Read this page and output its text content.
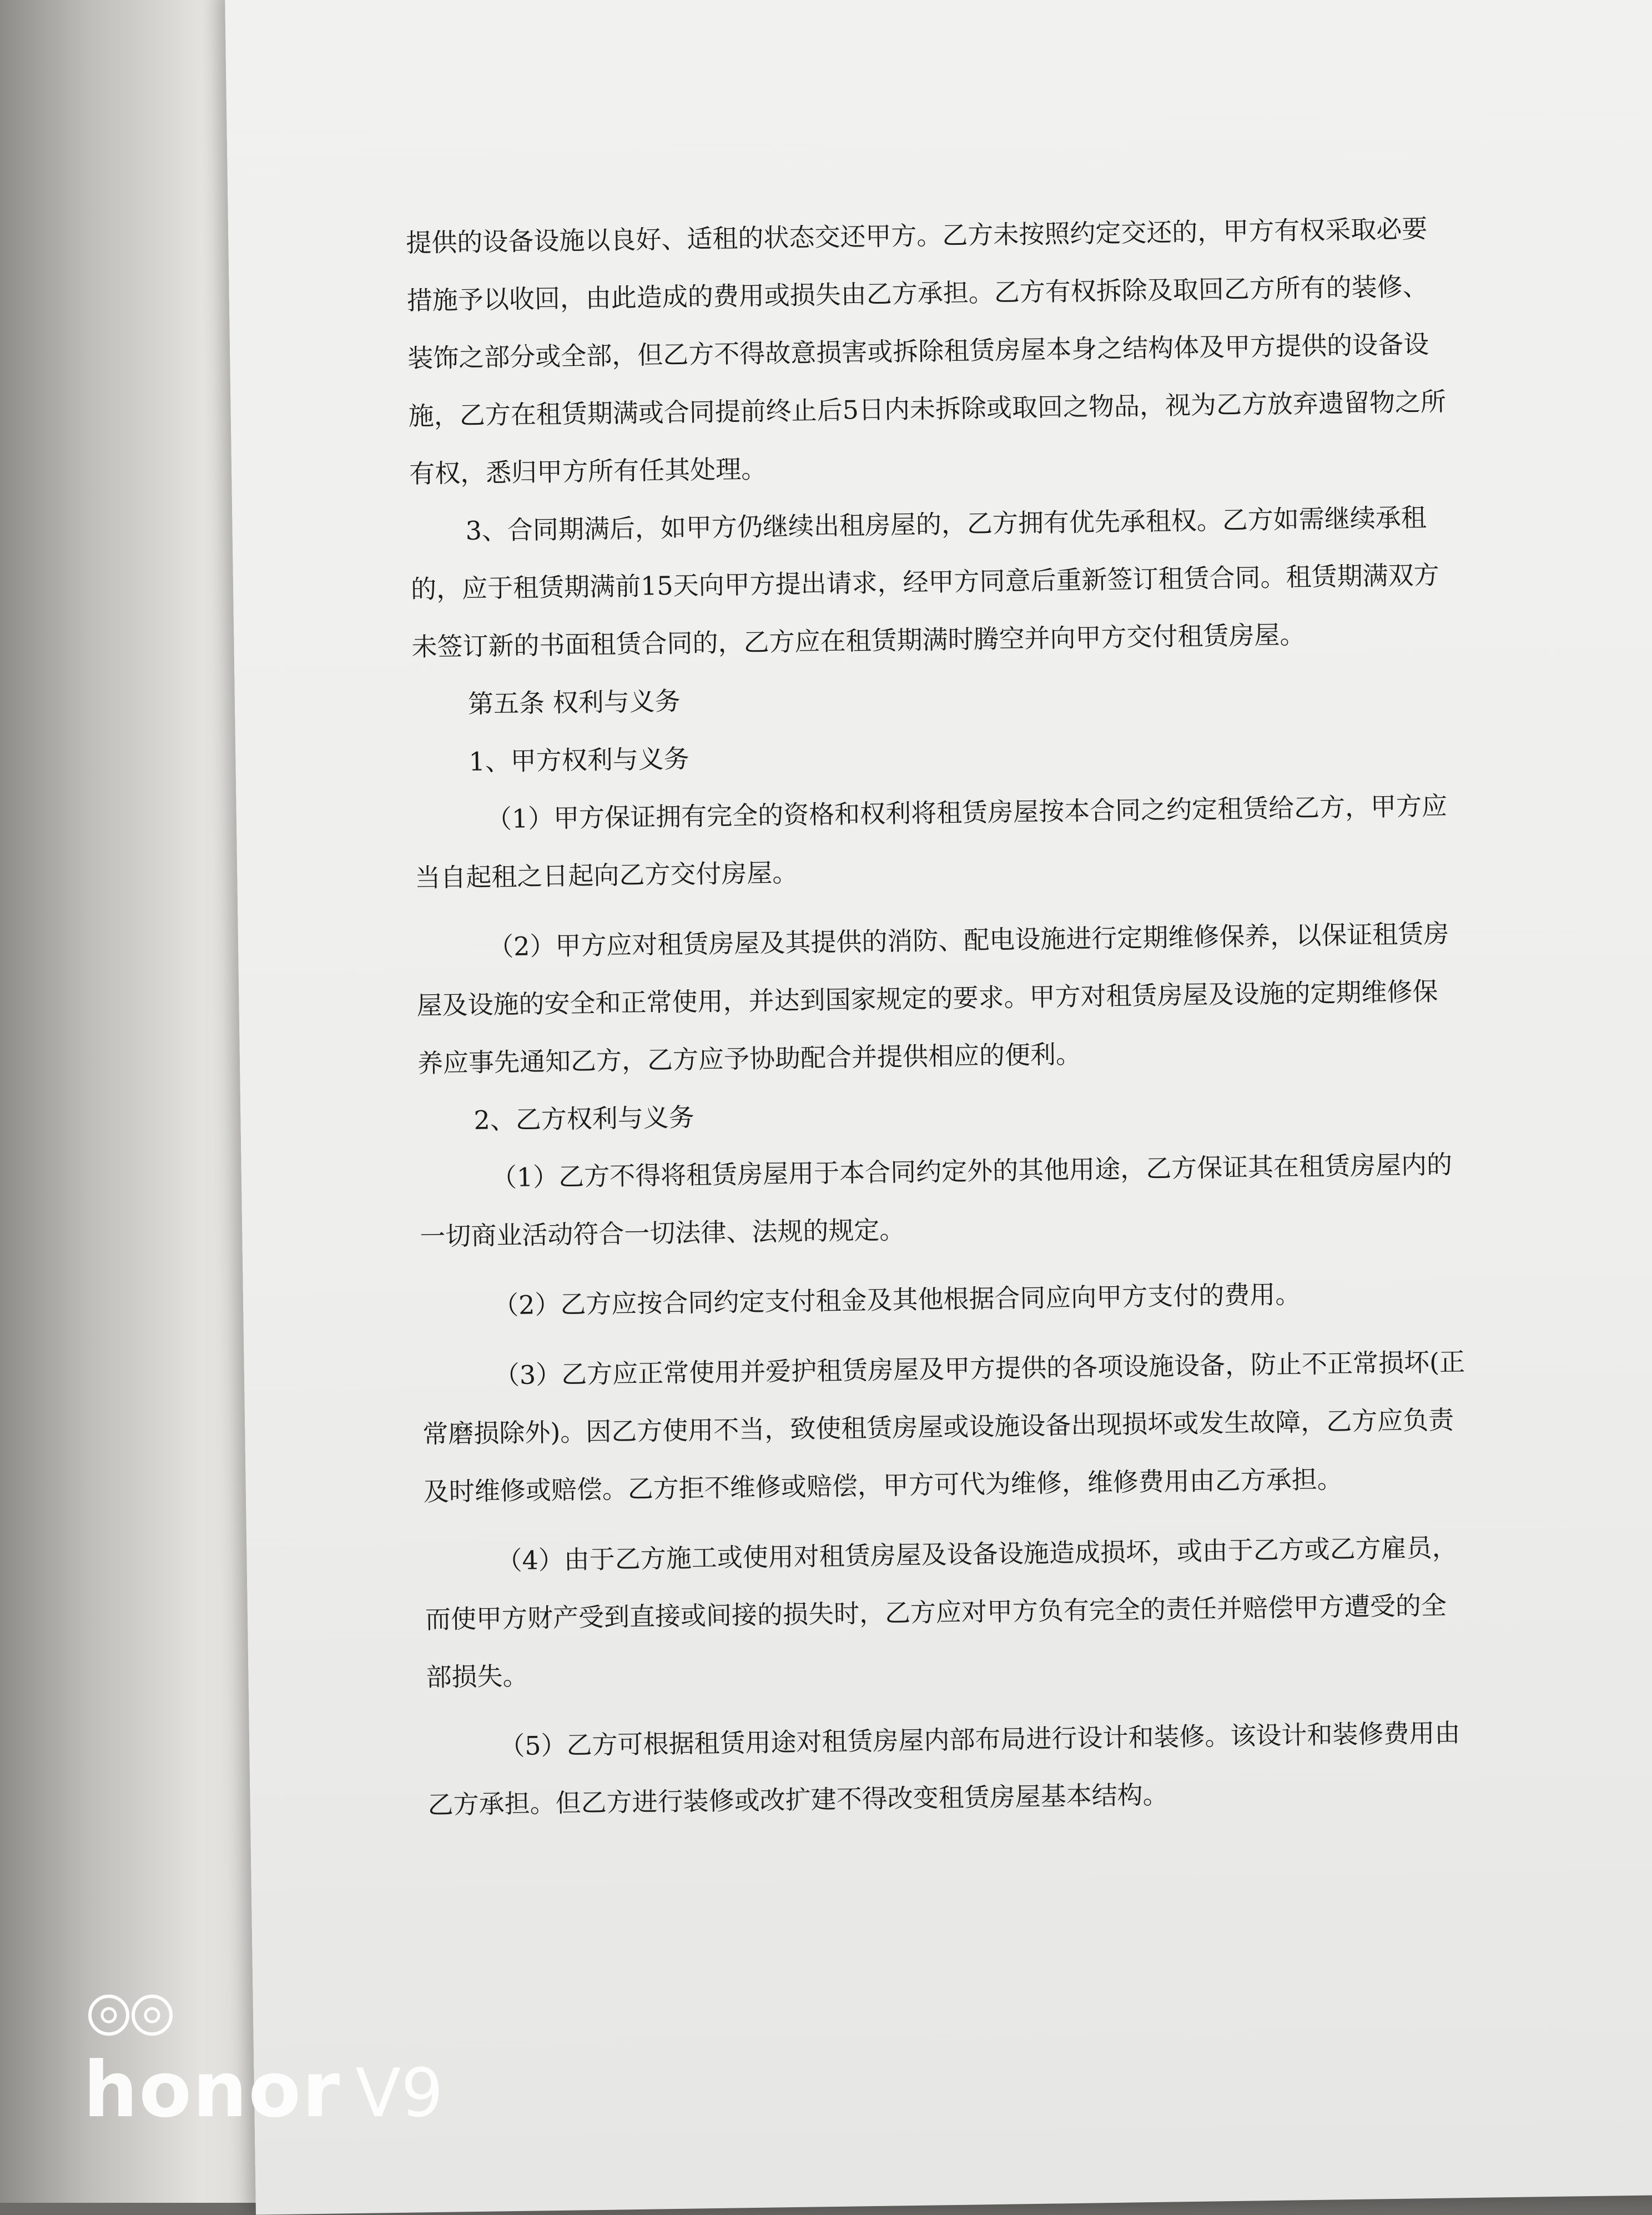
提供的设备设施以良好、适租的状态交还甲方。乙方未按照约定交还的，甲方有权采取必要措施予以收回，由此造成的费用或损失由乙方承担。乙方有权拆除及取回乙方所有的装修、装饰之部分或全部，但乙方不得故意损害或拆除租赁房屋本身之结构体及甲方提供的设备设施，乙方在租赁期满或合同提前终止后5日内未拆除或取回之物品，视为乙方放弃遗留物之所有权，悉归甲方所有任其处理。

3、合同期满后，如甲方仍继续出租房屋的，乙方拥有优先承租权。乙方如需继续承租的，应于租赁期满前15天向甲方提出请求，经甲方同意后重新签订租赁合同。租赁期满双方未签订新的书面租赁合同的，乙方应在租赁期满时腾空并向甲方交付租赁房屋。

第五条 权利与义务

1、甲方权利与义务

（1）甲方保证拥有完全的资格和权利将租赁房屋按本合同之约定租赁给乙方，甲方应当自起租之日起向乙方交付房屋。

（2）甲方应对租赁房屋及其提供的消防、配电设施进行定期维修保养，以保证租赁房屋及设施的安全和正常使用，并达到国家规定的要求。甲方对租赁房屋及设施的定期维修保养应事先通知乙方，乙方应予协助配合并提供相应的便利。

2、乙方权利与义务

（1）乙方不得将租赁房屋用于本合同约定外的其他用途，乙方保证其在租赁房屋内的一切商业活动符合一切法律、法规的规定。

（2）乙方应按合同约定支付租金及其他根据合同应向甲方支付的费用。

（3）乙方应正常使用并爱护租赁房屋及甲方提供的各项设施设备，防止不正常损坏(正常磨损除外)。因乙方使用不当，致使租赁房屋或设施设备出现损坏或发生故障，乙方应负责及时维修或赔偿。乙方拒不维修或赔偿，甲方可代为维修，维修费用由乙方承担。

（4）由于乙方施工或使用对租赁房屋及设备设施造成损坏，或由于乙方或乙方雇员，而使甲方财产受到直接或间接的损失时，乙方应对甲方负有完全的责任并赔偿甲方遭受的全部损失。

（5）乙方可根据租赁用途对租赁房屋内部布局进行设计和装修。该设计和装修费用由乙方承担。但乙方进行装修或改扩建不得改变租赁房屋基本结构。

honor V9
